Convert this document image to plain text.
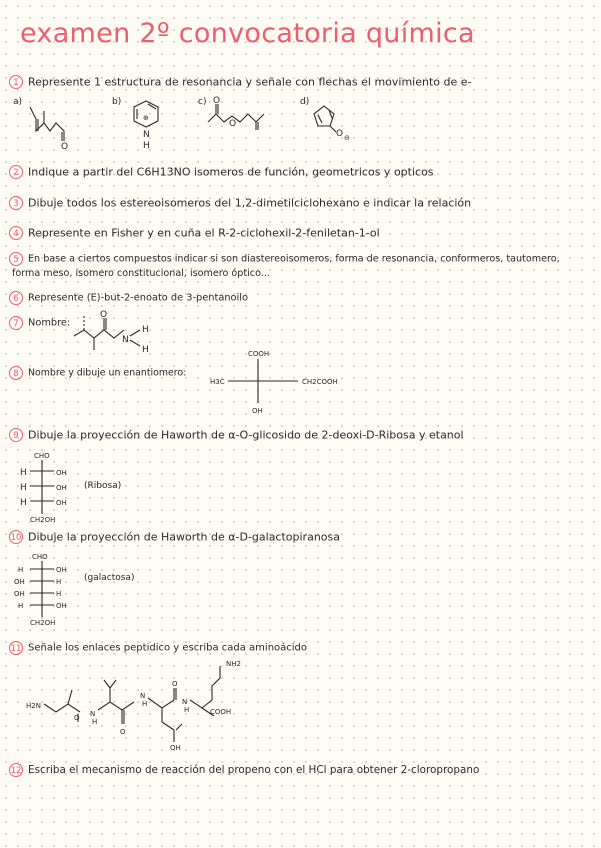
examen 2º convocatoria química
1 Represente 1 estructura de resonancia y señale con flechas el movimiento de e-
a)	b)	c)	d)
O
⊕
N
H
O
O
O ⊖
2 Indique a partir del C6H13NO isomeros de función, geometricos y opticos
3 Dibuje todos los estereoisomeros del 1,2-dimetilciclohexano e indicar la relación
4 Represente en Fisher y en cuña el R-2-ciclohexil-2-feniletan-1-ol
5 En base a ciertos compuestos indicar si son diastereoisomeros, forma de resonancia, conformeros, tautomero,
forma meso, isomero constitucional, isomero óptico...
6 Represente (E)-but-2-enoato de 3-pentanoilo
7 Nombre:
O
N
H
H
8 Nombre y dibuje un enantiomero:
COOH
H3C	CH2COOH
OH
9 Dibuje la proyección de Haworth de α-O-glicosido de 2-deoxi-D-Ribosa y etanol
CHO
H	OH
H	OH
H	OH
CH2OH
(Ribosa)
10 Dibuje la proyección de Haworth de α-D-galactopiranosa
CHO
H	OH
OH	H
OH	H
H	OH
CH2OH
(galactosa)
11 Señale los enlaces peptidico y escriba cada aminoácido
H2N
O N
H
O
N
H
OH
O
N
H	COOH
NH2
12 Escriba el mecanismo de reacción del propeno con el HCl para obtener 2-cloropropano
